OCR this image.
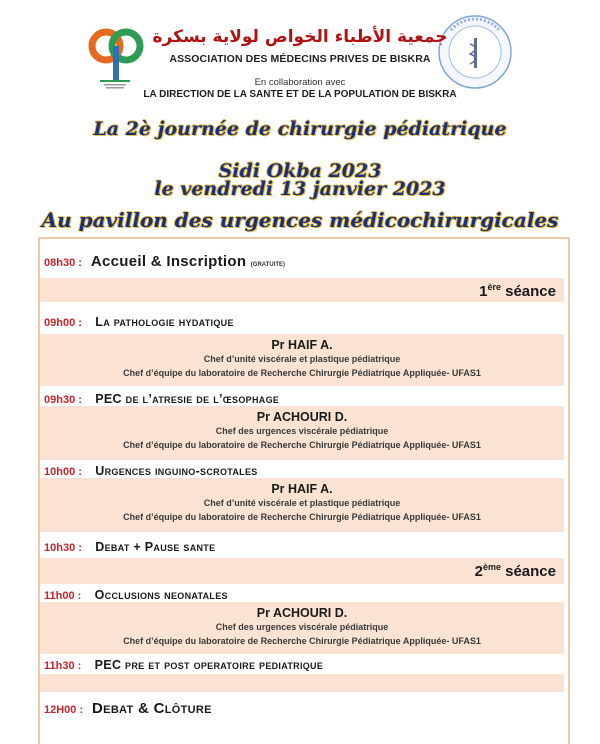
جمعية الأطباء الخواص لولاية بسكرة
ASSOCIATION DES MÉDECINS PRIVES DE BISKRA
En collaboration avec
LA DIRECTION DE LA SANTE ET DE LA POPULATION DE BISKRA
La 2è journée de chirurgie pédiatrique
Sidi Okba 2023
le vendredi 13 janvier 2023
Au pavillon des urgences médicochirurgicales
08h30 : Accueil & Inscription (GRATUITE)
1ère séance
09h00 : La pathologie hydatique
Pr HAIF A.
Chef d’unité viscérale et plastique pédiatrique
Chef d’équipe du laboratoire de Recherche Chirurgie Pédiatrique Appliquée- UFAS1
09h30 : PEC de l’atresie de l’œsophage
Pr ACHOURI D.
Chef des urgences viscérale pédiatrique
Chef d’équipe du laboratoire de Recherche Chirurgie Pédiatrique Appliquée- UFAS1
10h00 : Urgences inguino-scrotales
Pr HAIF A.
Chef d’unité viscérale et plastique pédiatrique
Chef d’équipe du laboratoire de Recherche Chirurgie Pédiatrique Appliquée- UFAS1
10h30 : Debat + Pause sante
2ème séance
11h00 : Occlusions neonatales
Pr ACHOURI D.
Chef des urgences viscérale pédiatrique
Chef d’équipe du laboratoire de Recherche Chirurgie Pédiatrique Appliquée- UFAS1
11h30 : PEC pre et post operatoire pediatrique
12H00 : Debat & Clôture
